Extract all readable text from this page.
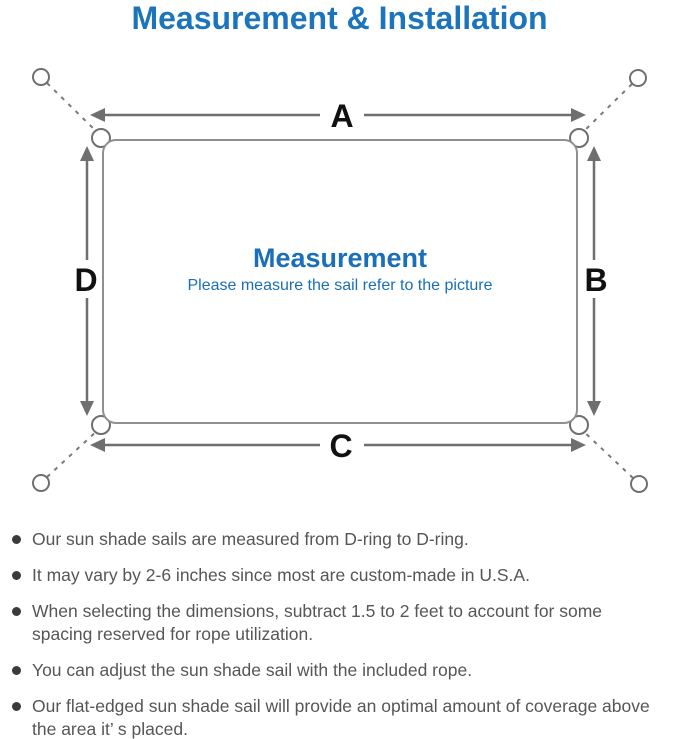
Measurement & Installation
A
C
D	B

Measurement

Please measure the sail refer to the picture

Our sun shade sails are measured from D-ring to D-ring.
It may vary by 2-6 inches since most are custom-made in U.S.A.
When selecting the dimensions, subtract 1.5 to 2 feet to account for some spacing reserved for rope utilization.
You can adjust the sun shade sail with the included rope.
Our flat-edged sun shade sail will provide an optimal amount of coverage above the area it’ s placed.
